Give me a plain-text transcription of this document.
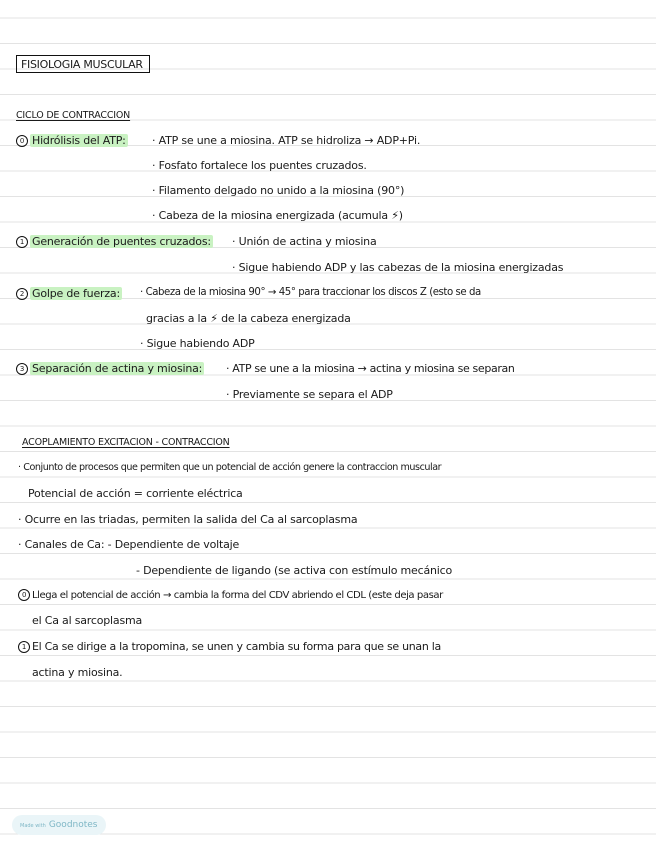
FISIOLOGIA MUSCULAR
CICLO DE CONTRACCION
0 Hidrólisis del ATP: · ATP se une a miosina. ATP se hidroliza → ADP+Pi.
· Fosfato fortalece los puentes cruzados.
· Filamento delgado no unido a la miosina (90°)
· Cabeza de la miosina energizada (acumula ⚡)
1 Generación de puentes cruzados: · Unión de actina y miosina
· Sigue habiendo ADP y las cabezas de la miosina energizadas
2 Golpe de fuerza: · Cabeza de la miosina 90° → 45° para traccionar los discos Z (esto se da
gracias a la ⚡ de la cabeza energizada
· Sigue habiendo ADP
3 Separación de actina y miosina: · ATP se une a la miosina → actina y miosina se separan
· Previamente se separa el ADP
ACOPLAMIENTO EXCITACION - CONTRACCION
· Conjunto de procesos que permiten que un potencial de acción genere la contraccion muscular
Potencial de acción = corriente eléctrica
· Ocurre en las triadas, permiten la salida del Ca al sarcoplasma
· Canales de Ca: - Dependiente de voltaje
- Dependiente de ligando (se activa con estímulo mecánico
0 Llega el potencial de acción → cambia la forma del CDV abriendo el CDL (este deja pasar
el Ca al sarcoplasma
1 El Ca se dirige a la tropomina, se unen y cambia su forma para que se unan la
actina y miosina.
Made with Goodnotes
